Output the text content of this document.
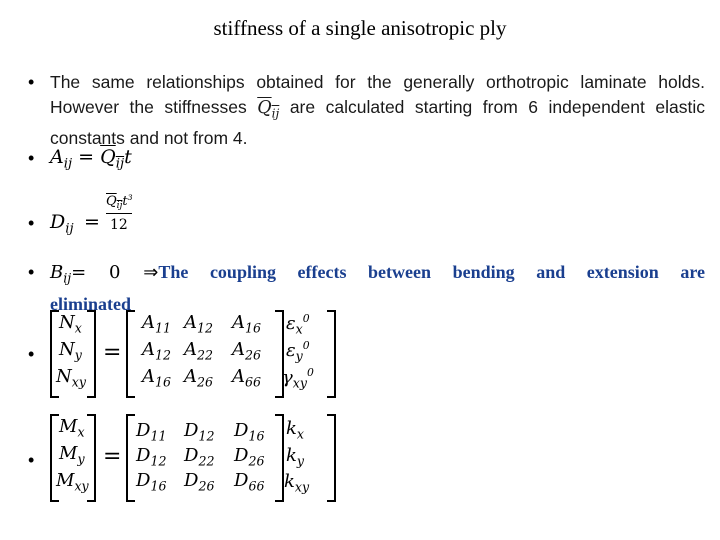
stiffness of a single anisotropic ply
•
•
•
•
•
•
The same relationships obtained for the generally orthotropic laminate holds.
However the stiffnesses $Q_{ij}$ are calculated starting from 6 independent elastic
constants and not from 4.
$A_{ij} = Q_{ij}t$
$D_{ij}$ =
$Q_{ij}t^3$
12
$B_{ij}= 0$ ⇒The coupling effects between bending and extension are
eliminated
$N_x$
$N_y$
$N_{xy}$
=
$A_{11}$ $A_{12}$ $A_{16}$
$A_{12}$ $A_{22}$ $A_{26}$
$A_{16}$ $A_{26}$ $A_{66}$
$\varepsilon_x^0$
$\varepsilon_y^0$
$\gamma_{xy}^0$
$M_x$
$M_y$
$M_{xy}$
=
$D_{11}$ $D_{12}$ $D_{16}$
$D_{12}$ $D_{22}$ $D_{26}$
$D_{16}$ $D_{26}$ $D_{66}$
$k_x$
$k_y$
$k_{xy}$
